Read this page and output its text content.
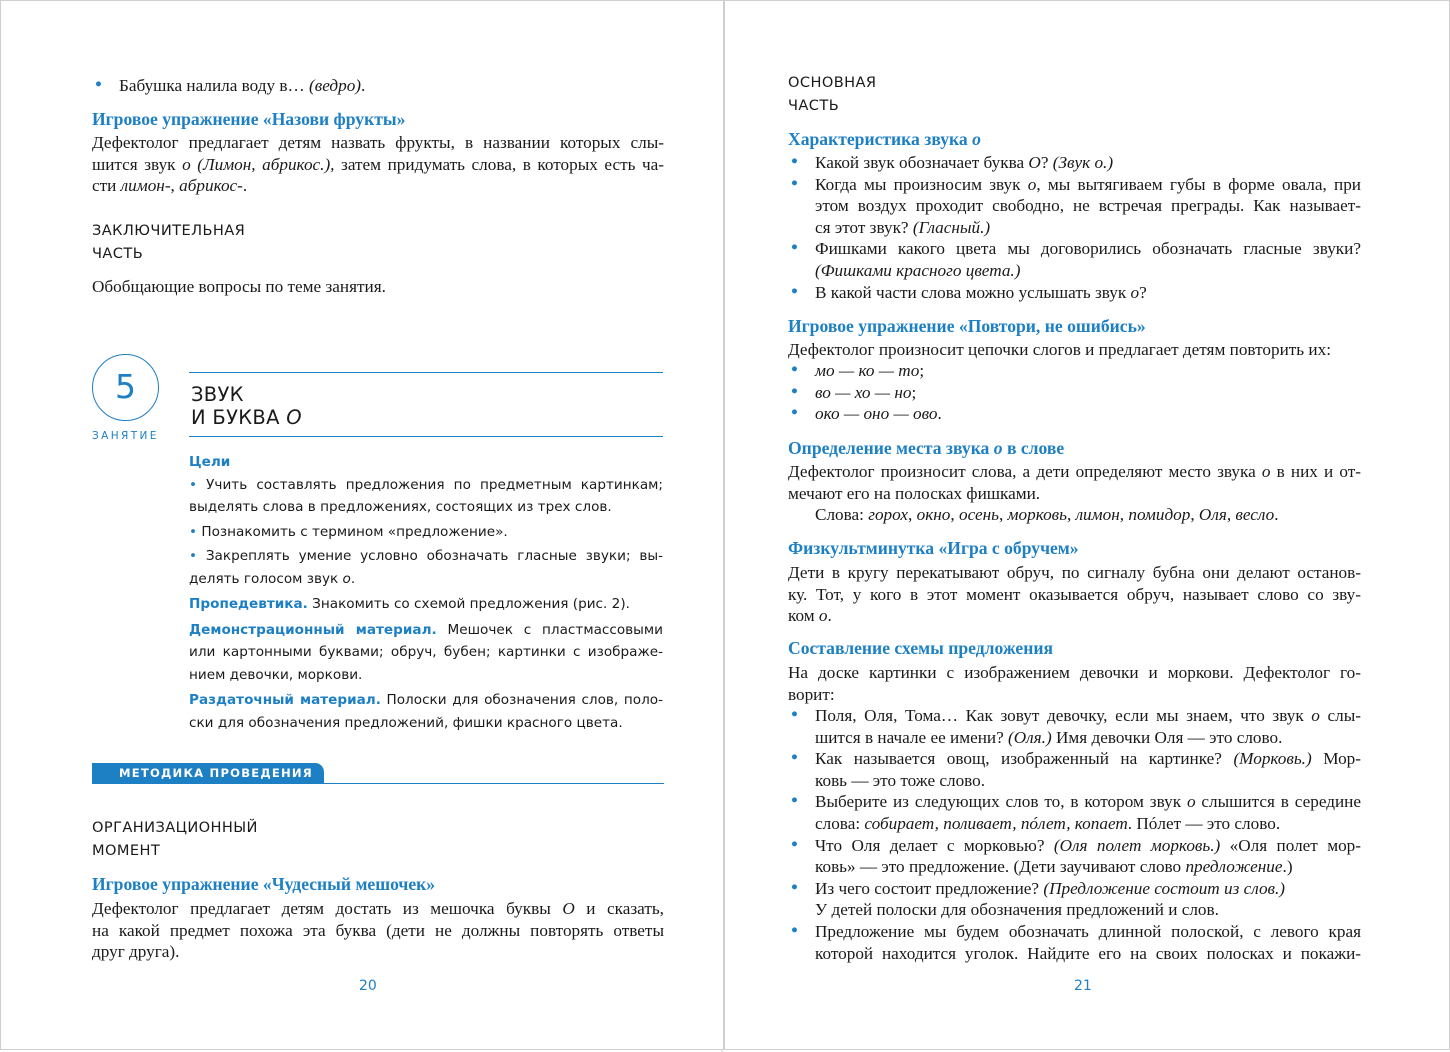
● Бабушка налила воду в… (ведро).
Игровое упражнение «Назови фрукты»

Дефектолог предлагает детям назвать фрукты, в названии которых слы-

шится звук о (Лимон, абрикос.), затем придумать слова, в которых есть ча-

сти лимон-, абрикос-.

ЗАКЛЮЧИТЕЛЬНАЯ
ЧАСТЬ
Обобщающие вопросы по теме занятия.
5
ЗАНЯТИЕ
ЗВУК
И БУКВА О

Цели

• Учить составлять предложения по предметным картинкам;

выделять слова в предложениях, состоящих из трех слов.

• Познакомить с термином «предложение».

• Закреплять умение условно обозначать гласные звуки; вы-

делять голосом звук о.

Пропедевтика. Знакомить со схемой предложения (рис. 2).

Демонстрационный материал. Мешочек с пластмассовыми

или картонными буквами; обруч, бубен; картинки с изображе-

нием девочки, моркови.

Раздаточный материал. Полоски для обозначения слов, поло-

ски для обозначения предложений, фишки красного цвета.

МЕТОДИКА ПРОВЕДЕНИЯ
ОРГАНИЗАЦИОННЫЙ
МОМЕНТ
Игровое упражнение «Чудесный мешочек»

Дефектолог предлагает детям достать из мешочка буквы О и сказать,

на какой предмет похожа эта буква (дети не должны повторять ответы

друг друга).

20
ОСНОВНАЯ
ЧАСТЬ
Характеристика звука о
● Какой звук обозначает буква О? (Звук о.)

● Когда мы произносим звук о, мы вытягиваем губы в форме овала, при

этом воздух проходит свободно, не встречая преграды. Как называет-

ся этот звук? (Гласный.)

● Фишками какого цвета мы договорились обозначать гласные звуки?

(Фишками красного цвета.)

● В какой части слова можно услышать звук о?
Игровое упражнение «Повтори, не ошибись»
Дефектолог произносит цепочки слогов и предлагает детям повторить их:
● мо — ко — то;
● во — хо — но;
● око — оно — ово.
Определение места звука о в слове

Дефектолог произносит слова, а дети определяют место звука о в них и от-

мечают его на полосках фишками.

Слова: горох, окно, осень, морковь, лимон, помидор, Оля, весло.

Физкультминутка «Игра с обручем»

Дети в кругу перекатывают обруч, по сигналу бубна они делают останов-

ку. Тот, у кого в этот момент оказывается обруч, называет слово со зву-

ком о.

Составление схемы предложения

На доске картинки с изображением девочки и моркови. Дефектолог го-

ворит:

● Поля, Оля, Тома… Как зовут девочку, если мы знаем, что звук о слы-

шится в начале ее имени? (Оля.) Имя девочки Оля — это слово.

● Как называется овощ, изображенный на картинке? (Морковь.) Мор-

ковь — это тоже слово.

● Выберите из следующих слов то, в котором звук о слышится в середине

слова: собирает, поливает, пóлет, копает. Пóлет — это слово.

● Что Оля делает с морковью? (Оля полет морковь.) «Оля полет мор-

ковь» — это предложение. (Дети заучивают слово предложение.)

● Из чего состоит предложение? (Предложение состоит из слов.)

У детей полоски для обозначения предложений и слов.

● Предложение мы будем обозначать длинной полоской, с левого края

которой находится уголок. Найдите его на своих полосках и покажи-

21
